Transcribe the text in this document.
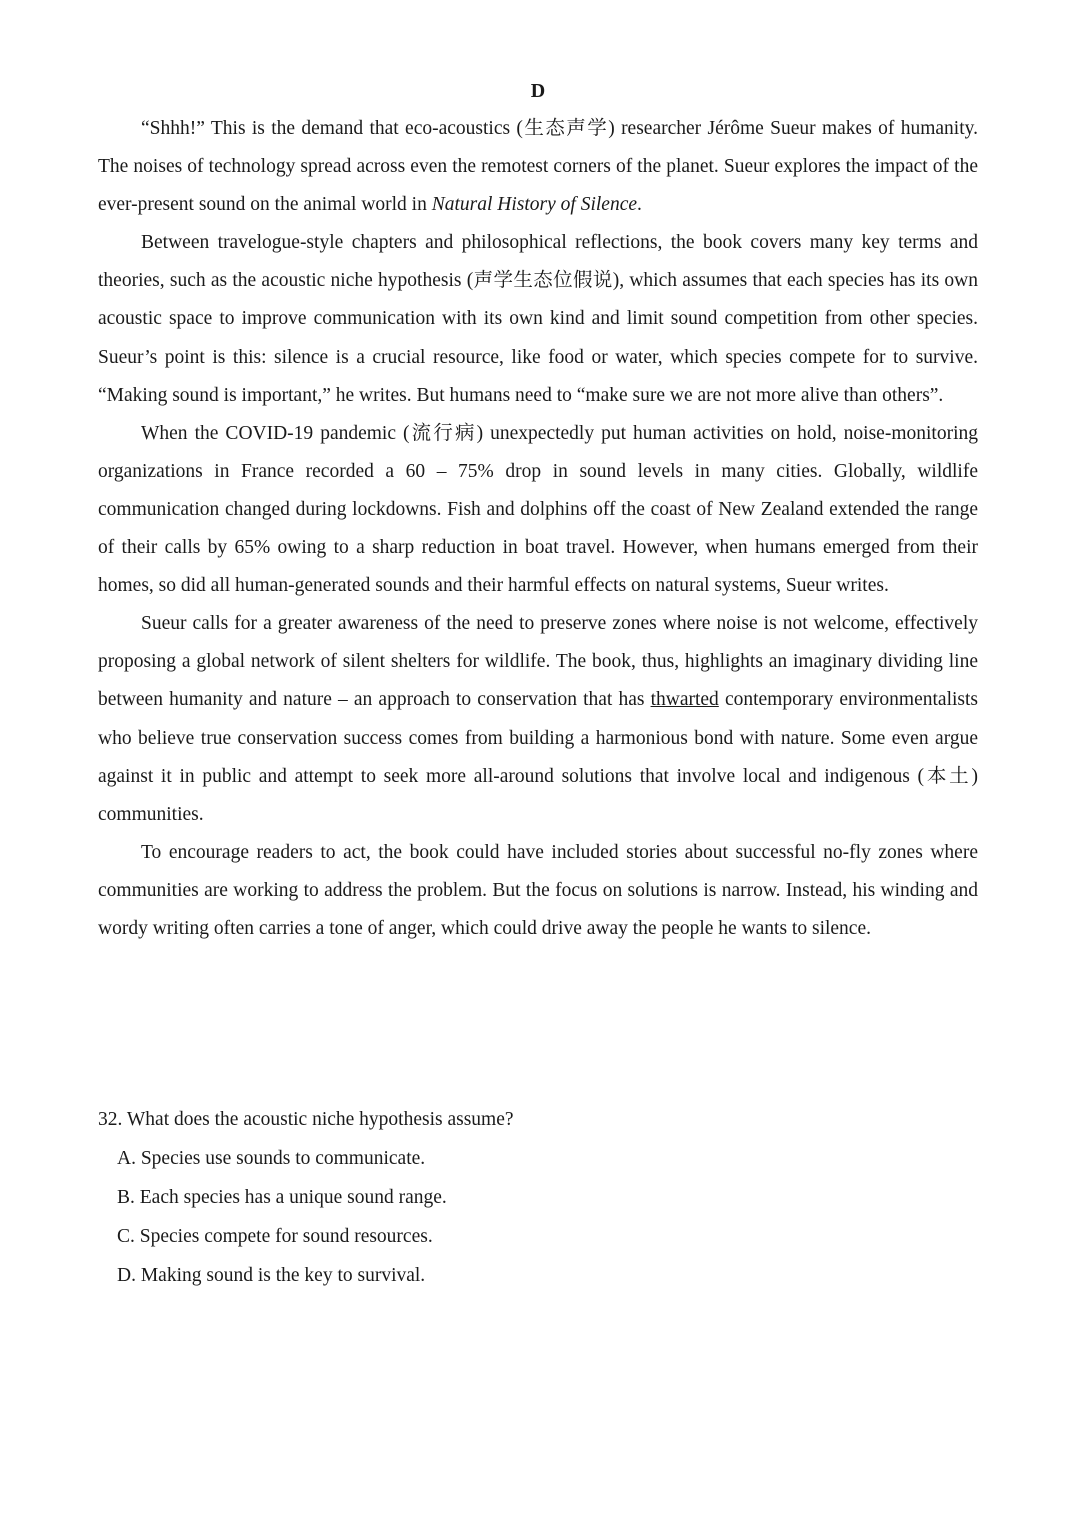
D

“Shhh!” This is the demand that eco-acoustics (生态声学) researcher Jérôme Sueur makes of humanity. The noises of technology spread across even the remotest corners of the planet. Sueur explores the impact of the ever-present sound on the animal world in Natural History of Silence.

Between travelogue-style chapters and philosophical reflections, the book covers many key terms and theories, such as the acoustic niche hypothesis (声学生态位假说), which assumes that each species has its own acoustic space to improve communication with its own kind and limit sound competition from other species. Sueur’s point is this: silence is a crucial resource, like food or water, which species compete for to survive. “Making sound is important,” he writes. But humans need to “make sure we are not more alive than others”.

When the COVID-19 pandemic (流行病) unexpectedly put human activities on hold, noise-monitoring organizations in France recorded a 60 – 75% drop in sound levels in many cities. Globally, wildlife communication changed during lockdowns. Fish and dolphins off the coast of New Zealand extended the range of their calls by 65% owing to a sharp reduction in boat travel. However, when humans emerged from their homes, so did all human-generated sounds and their harmful effects on natural systems, Sueur writes.

Sueur calls for a greater awareness of the need to preserve zones where noise is not welcome, effectively proposing a global network of silent shelters for wildlife. The book, thus, highlights an imaginary dividing line between humanity and nature – an approach to conservation that has thwarted contemporary environmentalists who believe true conservation success comes from building a harmonious bond with nature. Some even argue against it in public and attempt to seek more all-around solutions that involve local and indigenous (本土) communities.

To encourage readers to act, the book could have included stories about successful no-fly zones where communities are working to address the problem. But the focus on solutions is narrow. Instead, his winding and wordy writing often carries a tone of anger, which could drive away the people he wants to silence.

32. What does the acoustic niche hypothesis assume?

A. Species use sounds to communicate.
B. Each species has a unique sound range.
C. Species compete for sound resources.
D. Making sound is the key to survival.
